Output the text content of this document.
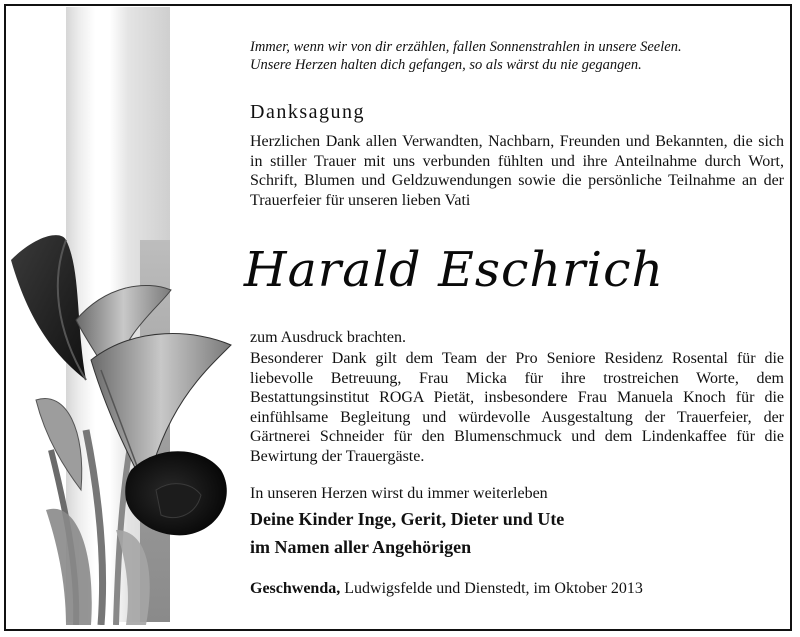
Immer, wenn wir von dir erzählen, fallen Sonnenstrahlen in unsere Seelen.
Unsere Herzen halten dich gefangen, so als wärst du nie gegangen.
Danksagung
Herzlichen Dank allen Verwandten, Nachbarn, Freunden und Bekannten, die sich in stiller Trauer mit uns verbunden fühlten und ihre Anteilnahme durch Wort, Schrift, Blumen und Geldzuwendungen sowie die persönliche Teilnahme an der Trauerfeier für unseren lieben Vati
Harald Eschrich
zum Ausdruck brachten.
Besonderer Dank gilt dem Team der Pro Seniore Residenz Rosental für die liebevolle Betreuung, Frau Micka für ihre trostreichen Worte, dem Bestattungsinstitut ROGA Pietät, insbesondere Frau Manuela Knoch für die einfühlsame Begleitung und würdevolle Ausgestaltung der Trauerfeier, der Gärtnerei Schneider für den Blumenschmuck und dem Lindenkaffee für die Bewirtung der Trauergäste.
In unseren Herzen wirst du immer weiterleben
Deine Kinder Inge, Gerit, Dieter und Ute
im Namen aller Angehörigen
Geschwenda, Ludwigsfelde und Dienstedt, im Oktober 2013
